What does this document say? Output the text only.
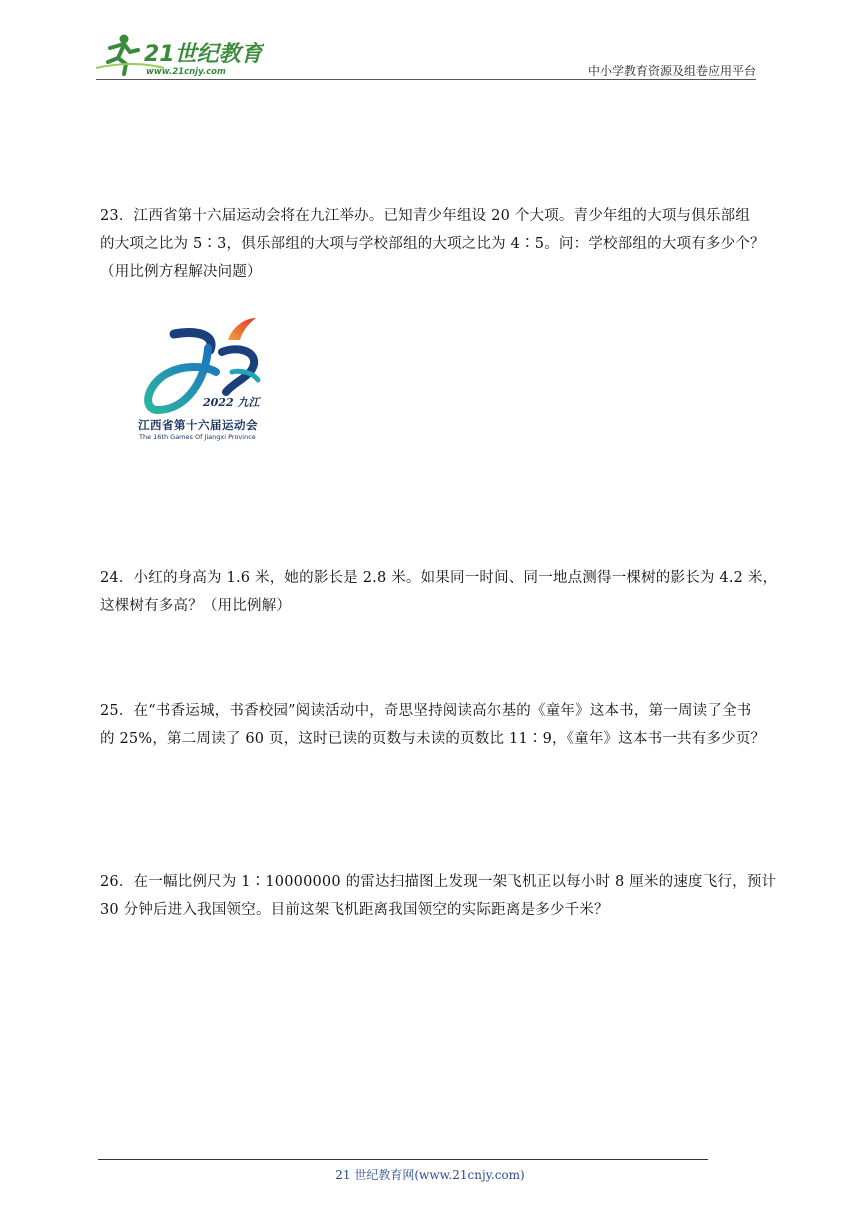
21世纪教育
www.21cnjy.com	中小学教育资源及组卷应用平台

23．江西省第十六届运动会将在九江举办。已知青少年组设 20 个大项。青少年组的大项与俱乐部组

的大项之比为 5∶3，俱乐部组的大项与学校部组的大项之比为 4∶5。问：学校部组的大项有多少个？

（用比例方程解决问题）

2022 九江
江西省第十六届运动会
The 16th Games Of Jiangxi Province

24．小红的身高为 1.6 米，她的影长是 2.8 米。如果同一时间、同一地点测得一棵树的影长为 4.2 米，

这棵树有多高？（用比例解）

25．在“书香运城，书香校园”阅读活动中，奇思坚持阅读高尔基的《童年》这本书，第一周读了全书

的 25%，第二周读了 60 页，这时已读的页数与未读的页数比 11∶9，《童年》这本书一共有多少页？

26．在一幅比例尺为 1∶10000000 的雷达扫描图上发现一架飞机正以每小时 8 厘米的速度飞行，预计

30 分钟后进入我国领空。目前这架飞机距离我国领空的实际距离是多少千米？

21 世纪教育网(www.21cnjy.com)
